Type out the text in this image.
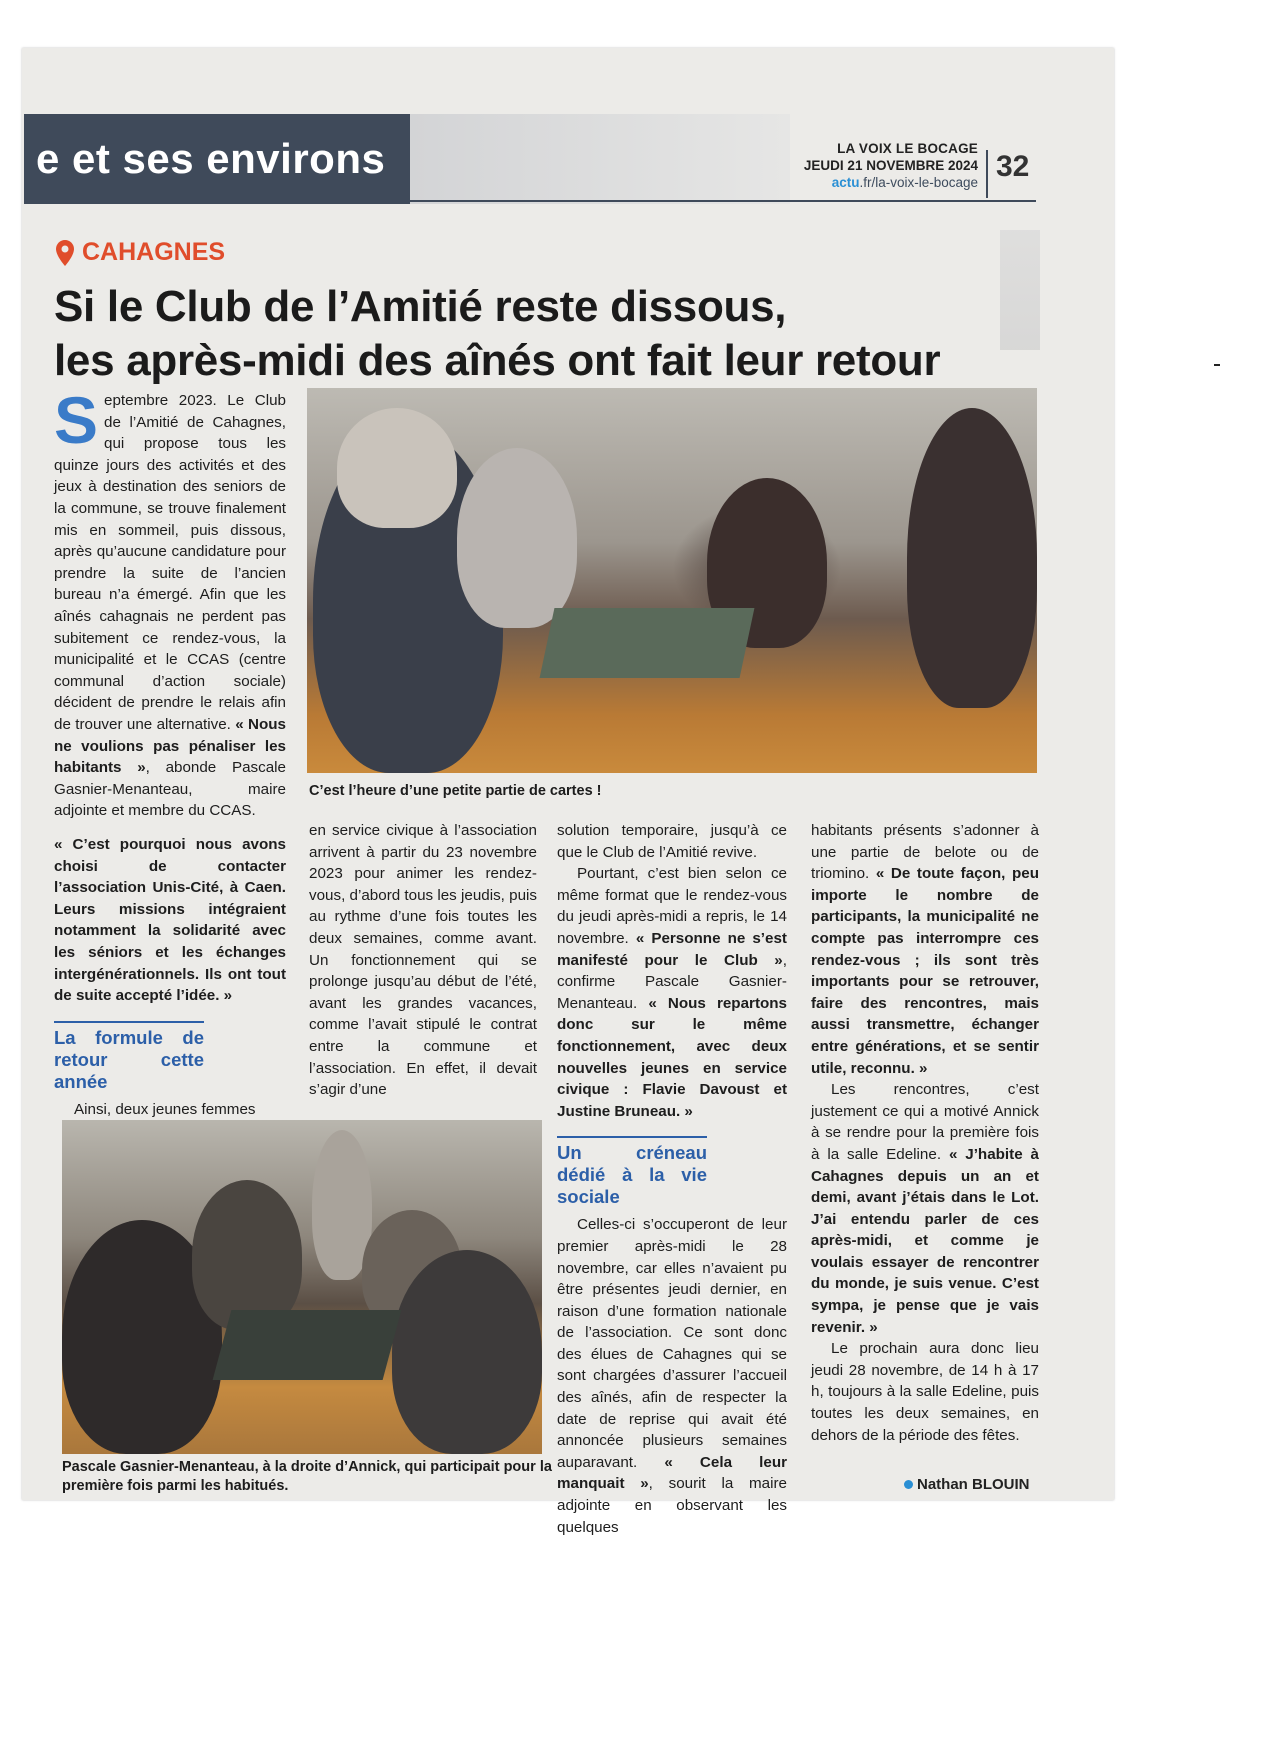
e et ses environs	LA VOIX LE BOCAGE
JEUDI 21 NOVEMBRE 2024
actu.fr/la-voix-le-bocage 32
CAHAGNES
Si le Club de l’Amitié reste dissous,
les après-midi des aînés ont fait leur retour

Septembre 2023. Le Club de l’Amitié de Cahagnes, qui propose tous les quinze jours des activités et des jeux à destination des seniors de la commune, se trouve finalement mis en sommeil, puis dissous, après qu’aucune candidature pour prendre la suite de l’ancien bureau n’a émergé. Afin que les aînés cahagnais ne perdent pas subitement ce rendez-vous, la municipalité et le CCAS (centre communal d’action sociale) décident de prendre le relais afin de trouver une alternative. « Nous ne voulions pas pénaliser les habitants », abonde Pascale Gasnier-Menanteau, maire adjointe et membre du CCAS.

« C’est pourquoi nous avons choisi de contacter l’association Unis-Cité, à Caen. Leurs missions intégraient notamment la solidarité avec les séniors et les échanges intergénérationnels. Ils ont tout de suite accepté l’idée. »

La formule de retour cette année

Ainsi, deux jeunes femmes

C’est l’heure d’une petite partie de cartes !

en service civique à l’association arrivent à partir du 23 novembre 2023 pour animer les rendez-vous, d’abord tous les jeudis, puis au rythme d’une fois toutes les deux semaines, comme avant. Un fonctionnement qui se prolonge jusqu’au début de l’été, avant les grandes vacances, comme l’avait stipulé le contrat entre la commune et l’association. En effet, il devait s’agir d’une

solution temporaire, jusqu’à ce que le Club de l’Amitié revive.

Pourtant, c’est bien selon ce même format que le rendez-vous du jeudi après-midi a repris, le 14 novembre. « Personne ne s’est manifesté pour le Club », confirme Pascale Gasnier-Menanteau. « Nous repartons donc sur le même fonctionnement, avec deux nouvelles jeunes en service civique : Flavie Davoust et Justine Bruneau. »

Un créneau dédié à la vie sociale

Celles-ci s’occuperont de leur premier après-midi le 28 novembre, car elles n’avaient pu être présentes jeudi dernier, en raison d’une formation nationale de l’association. Ce sont donc des élues de Cahagnes qui se sont chargées d’assurer l’accueil des aînés, afin de respecter la date de reprise qui avait été annoncée plusieurs semaines auparavant. « Cela leur manquait », sourit la maire adjointe en observant les quelques

habitants présents s’adonner à une partie de belote ou de triomino. « De toute façon, peu importe le nombre de participants, la municipalité ne compte pas interrompre ces rendez-vous ; ils sont très importants pour se retrouver, faire des rencontres, mais aussi transmettre, échanger entre générations, et se sentir utile, reconnu. »

Les rencontres, c’est justement ce qui a motivé Annick à se rendre pour la première fois à la salle Edeline. « J’habite à Cahagnes depuis un an et demi, avant j’étais dans le Lot. J’ai entendu parler de ces après-midi, et comme je voulais essayer de rencontrer du monde, je suis venue. C’est sympa, je pense que je vais revenir. »

Le prochain aura donc lieu jeudi 28 novembre, de 14 h à 17 h, toujours à la salle Edeline, puis toutes les deux semaines, en dehors de la période des fêtes.

Pascale Gasnier-Menanteau, à la droite d’Annick, qui participait pour la première fois parmi les habitués.	Nathan BLOUIN
